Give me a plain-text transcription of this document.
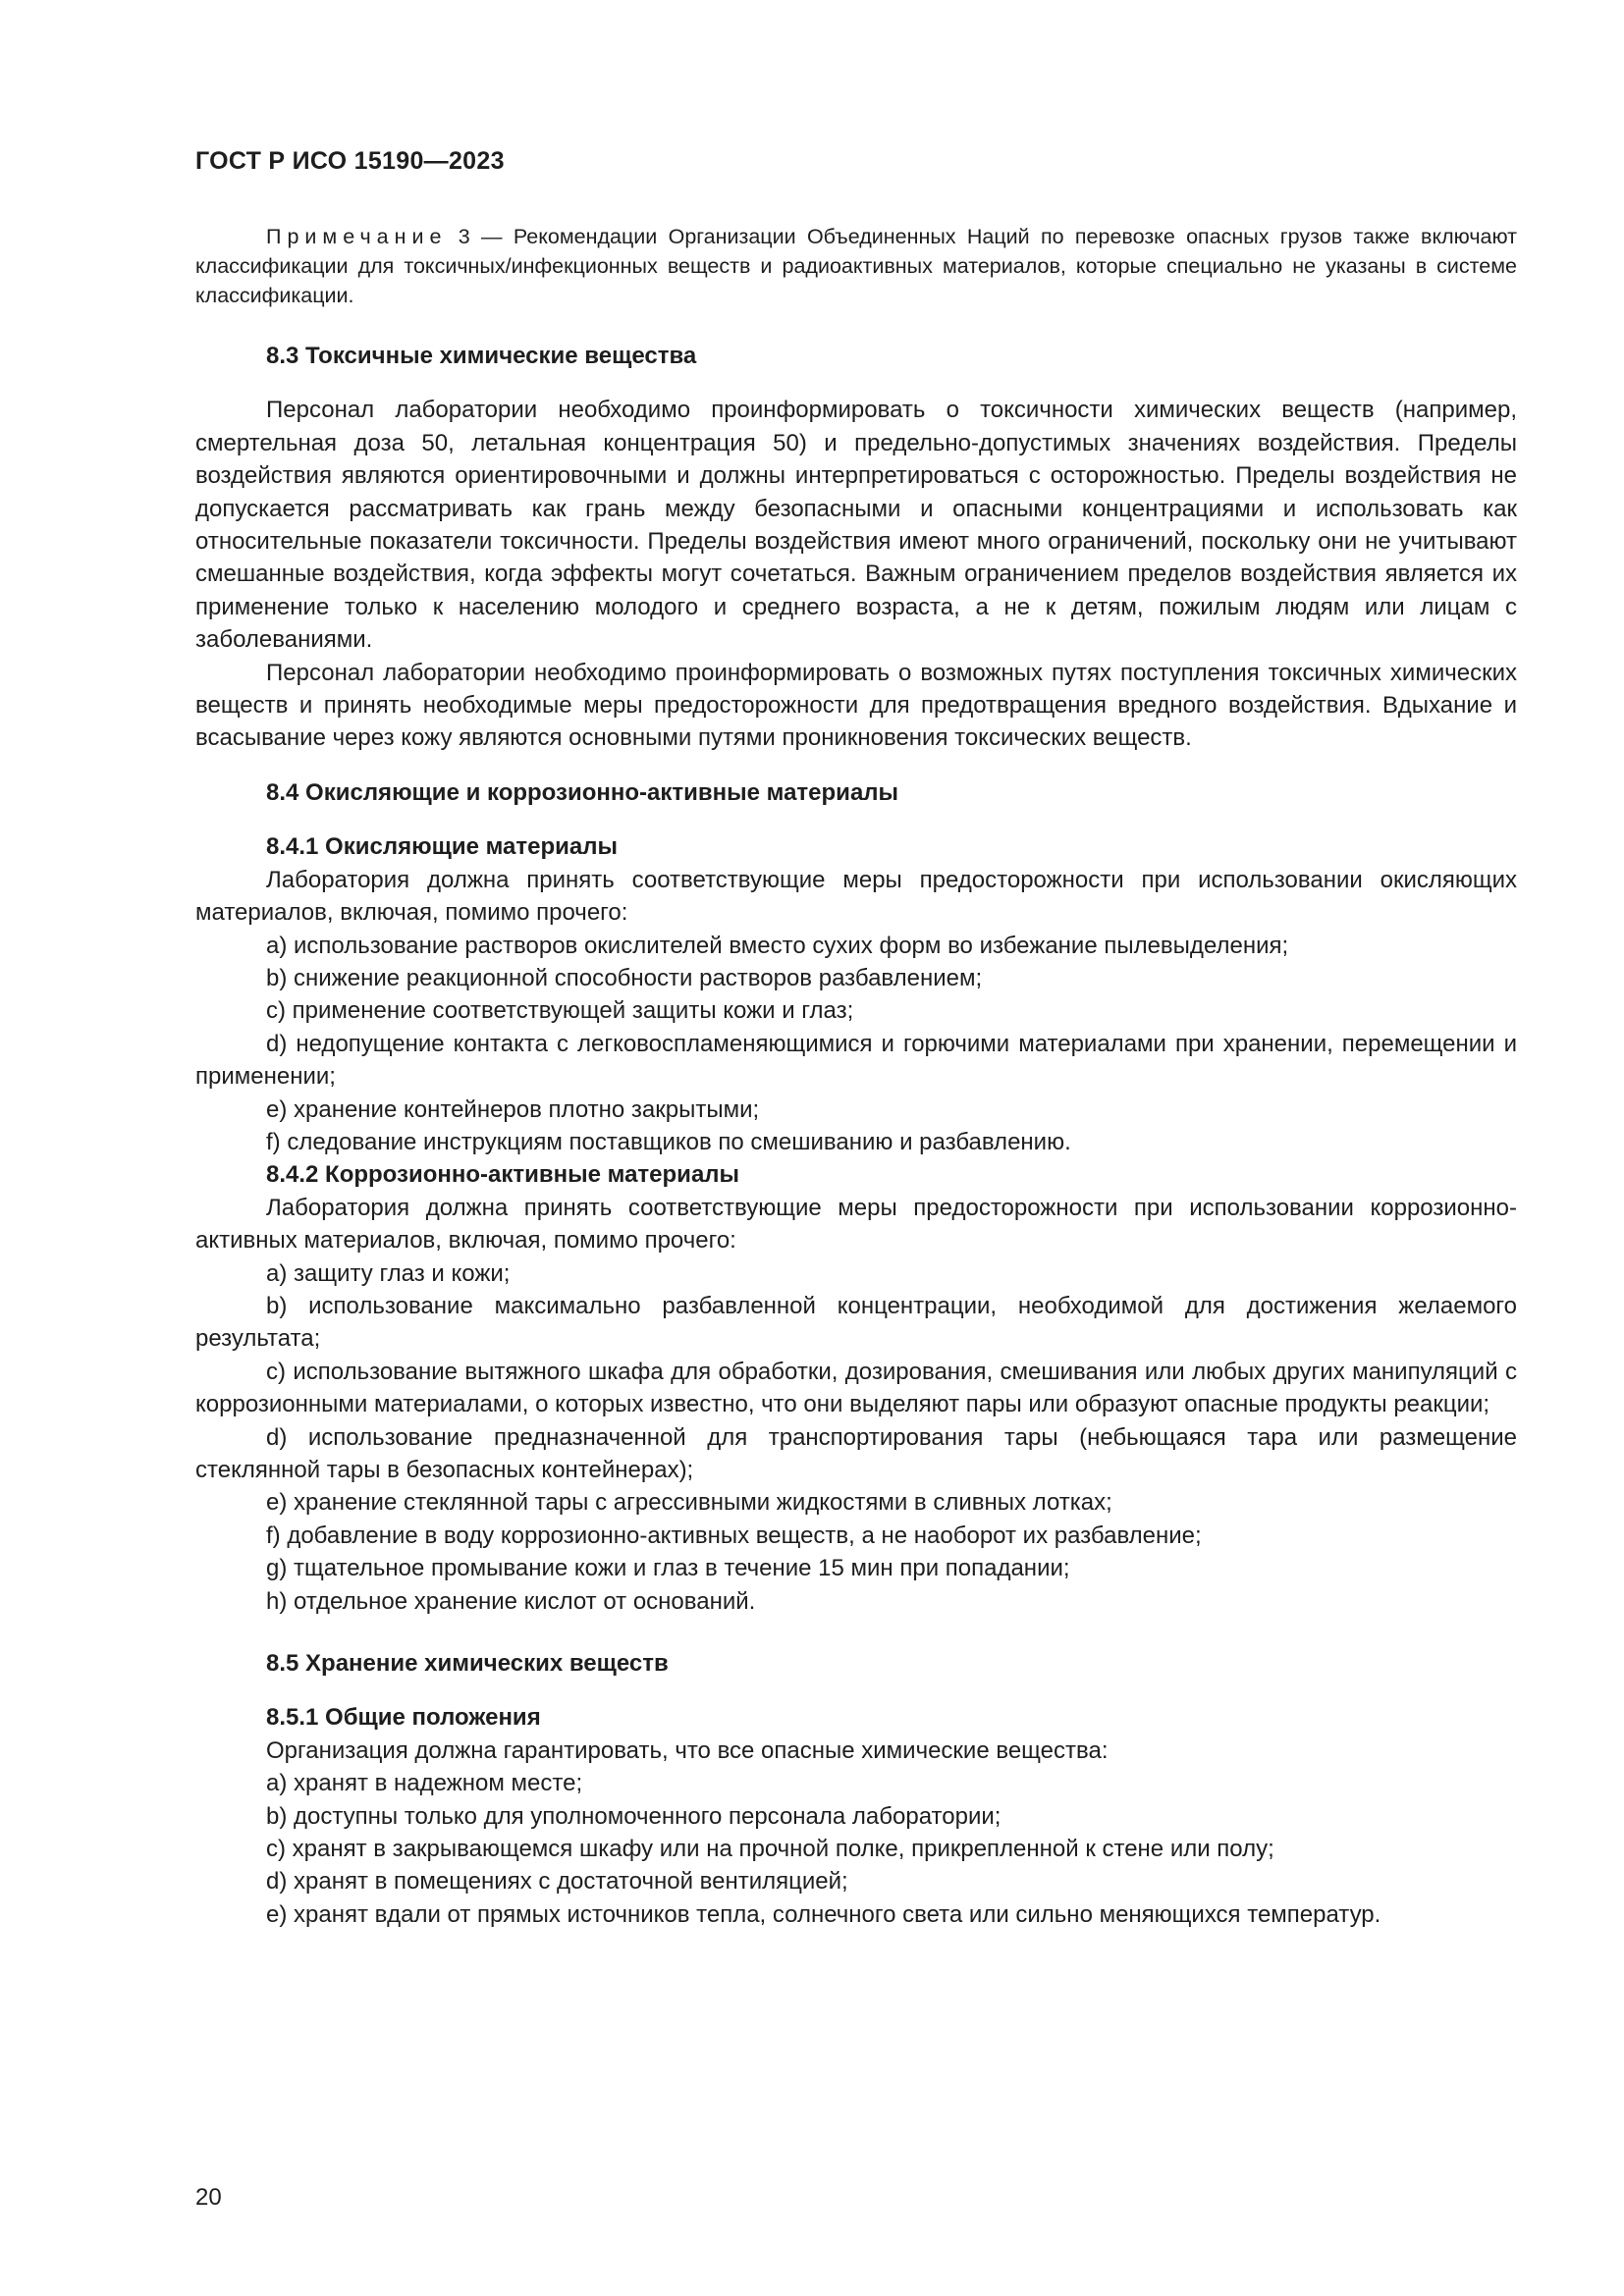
ГОСТ Р ИСО 15190—2023

Примечание 3 — Рекомендации Организации Объединенных Наций по перевозке опасных грузов также включают классификации для токсичных/инфекционных веществ и радиоактивных материалов, которые специально не указаны в системе классификации.

8.3 Токсичные химические вещества

Персонал лаборатории необходимо проинформировать о токсичности химических веществ (например, смертельная доза 50, летальная концентрация 50) и предельно-допустимых значениях воздействия. Пределы воздействия являются ориентировочными и должны интерпретироваться с осторожностью. Пределы воздействия не допускается рассматривать как грань между безопасными и опасными концентрациями и использовать как относительные показатели токсичности. Пределы воздействия имеют много ограничений, поскольку они не учитывают смешанные воздействия, когда эффекты могут сочетаться. Важным ограничением пределов воздействия является их применение только к населению молодого и среднего возраста, а не к детям, пожилым людям или лицам с заболеваниями.

Персонал лаборатории необходимо проинформировать о возможных путях поступления токсичных химических веществ и принять необходимые меры предосторожности для предотвращения вредного воздействия. Вдыхание и всасывание через кожу являются основными путями проникновения токсических веществ.

8.4 Окисляющие и коррозионно-активные материалы

8.4.1 Окисляющие материалы

Лаборатория должна принять соответствующие меры предосторожности при использовании окисляющих материалов, включая, помимо прочего:

a) использование растворов окислителей вместо сухих форм во избежание пылевыделения;

b) снижение реакционной способности растворов разбавлением;

c) применение соответствующей защиты кожи и глаз;

d) недопущение контакта с легковоспламеняющимися и горючими материалами при хранении, перемещении и применении;

e) хранение контейнеров плотно закрытыми;

f) следование инструкциям поставщиков по смешиванию и разбавлению.

8.4.2 Коррозионно-активные материалы

Лаборатория должна принять соответствующие меры предосторожности при использовании коррозионно-активных материалов, включая, помимо прочего:

a) защиту глаз и кожи;

b) использование максимально разбавленной концентрации, необходимой для достижения желаемого результата;

c) использование вытяжного шкафа для обработки, дозирования, смешивания или любых других манипуляций с коррозионными материалами, о которых известно, что они выделяют пары или образуют опасные продукты реакции;

d) использование предназначенной для транспортирования тары (небьющаяся тара или размещение стеклянной тары в безопасных контейнерах);

e) хранение стеклянной тары с агрессивными жидкостями в сливных лотках;

f) добавление в воду коррозионно-активных веществ, а не наоборот их разбавление;

g) тщательное промывание кожи и глаз в течение 15 мин при попадании;

h) отдельное хранение кислот от оснований.

8.5 Хранение химических веществ

8.5.1 Общие положения

Организация должна гарантировать, что все опасные химические вещества:

a) хранят в надежном месте;

b) доступны только для уполномоченного персонала лаборатории;

c) хранят в закрывающемся шкафу или на прочной полке, прикрепленной к стене или полу;

d) хранят в помещениях с достаточной вентиляцией;

e) хранят вдали от прямых источников тепла, солнечного света или сильно меняющихся температур.

20
